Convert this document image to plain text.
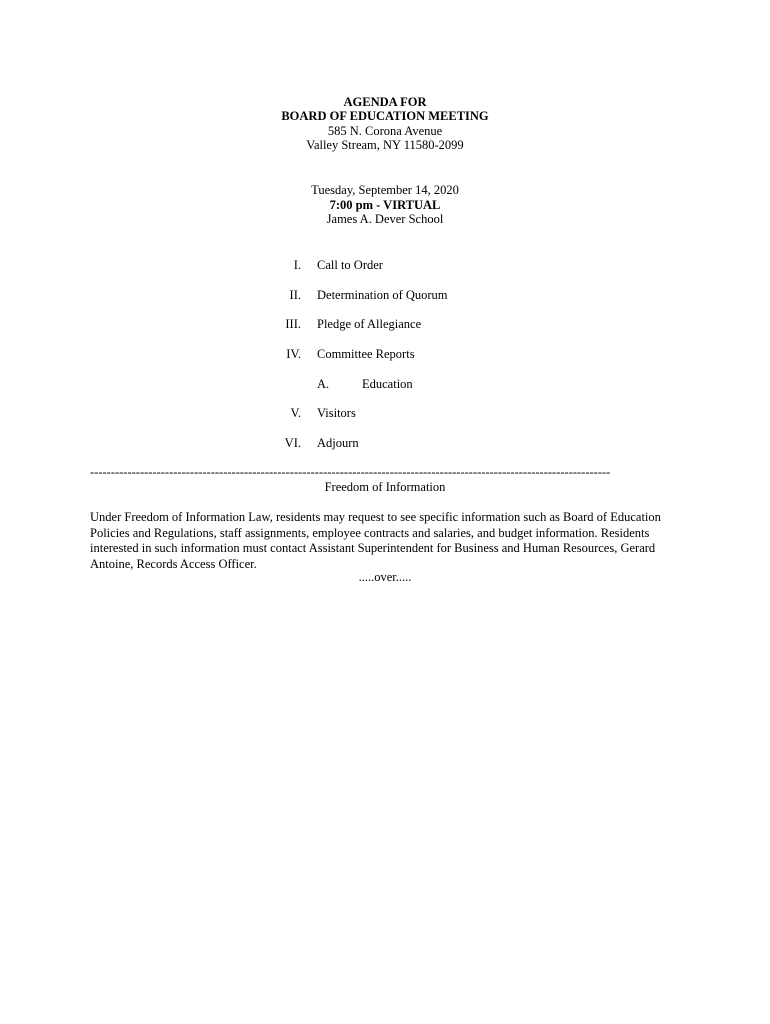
AGENDA FOR
BOARD OF EDUCATION MEETING
585 N. Corona Avenue
Valley Stream, NY 11580-2099
Tuesday, September 14, 2020
7:00 pm - VIRTUAL
James A. Dever School
I. Call to Order
II. Determination of Quorum
III. Pledge of Allegiance
IV. Committee Reports
A.	Education
V. Visitors
VI. Adjourn
-----------------------------------------------------------------------------------------------------------------------------
Freedom of Information
Under Freedom of Information Law, residents may request to see specific information such as Board of Education Policies and Regulations, staff assignments, employee contracts and salaries, and budget information. Residents interested in such information must contact Assistant Superintendent for Business and Human Resources, Gerard Antoine, Records Access Officer.
.....over.....
